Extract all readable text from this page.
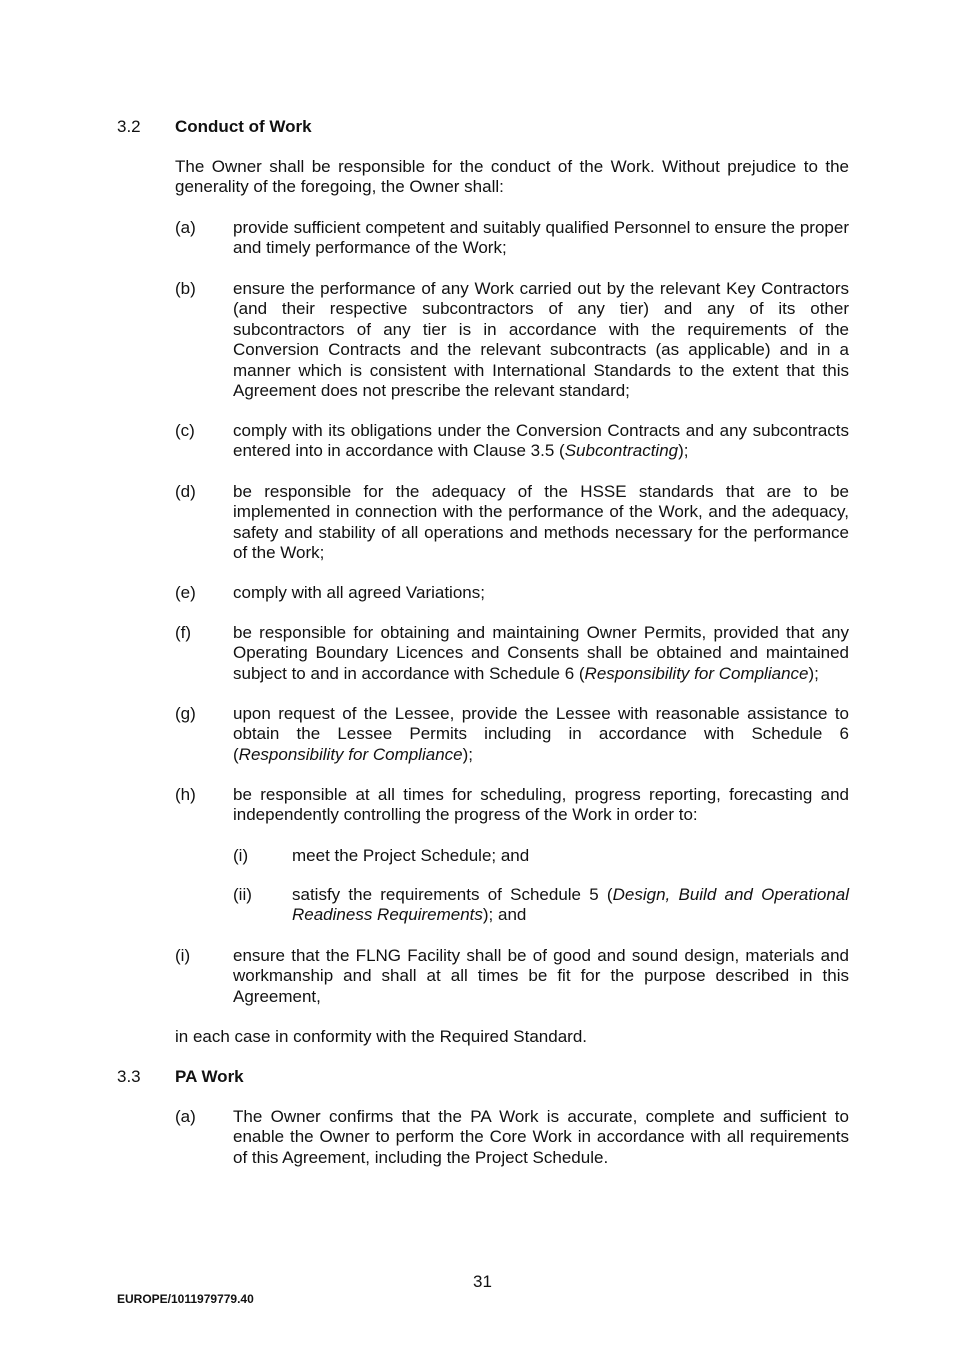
3.2 Conduct of Work
The Owner shall be responsible for the conduct of the Work. Without prejudice to the generality of the foregoing, the Owner shall:
(a) provide sufficient competent and suitably qualified Personnel to ensure the proper and timely performance of the Work;
(b) ensure the performance of any Work carried out by the relevant Key Contractors (and their respective subcontractors of any tier) and any of its other subcontractors of any tier is in accordance with the requirements of the Conversion Contracts and the relevant subcontracts (as applicable) and in a manner which is consistent with International Standards to the extent that this Agreement does not prescribe the relevant standard;
(c) comply with its obligations under the Conversion Contracts and any subcontracts entered into in accordance with Clause 3.5 (Subcontracting);
(d) be responsible for the adequacy of the HSSE standards that are to be implemented in connection with the performance of the Work, and the adequacy, safety and stability of all operations and methods necessary for the performance of the Work;
(e) comply with all agreed Variations;
(f) be responsible for obtaining and maintaining Owner Permits, provided that any Operating Boundary Licences and Consents shall be obtained and maintained subject to and in accordance with Schedule 6 (Responsibility for Compliance);
(g) upon request of the Lessee, provide the Lessee with reasonable assistance to obtain the Lessee Permits including in accordance with Schedule 6 (Responsibility for Compliance);
(h) be responsible at all times for scheduling, progress reporting, forecasting and independently controlling the progress of the Work in order to:
(i)	meet the Project Schedule; and
(ii) satisfy the requirements of Schedule 5 (Design, Build and Operational Readiness Requirements); and
(i)	ensure that the FLNG Facility shall be of good and sound design, materials and workmanship and shall at all times be fit for the purpose described in this Agreement,
in each case in conformity with the Required Standard.
3.3 PA Work
(a) The Owner confirms that the PA Work is accurate, complete and sufficient to enable the Owner to perform the Core Work in accordance with all requirements of this Agreement, including the Project Schedule.
31
EUROPE/1011979779.40
